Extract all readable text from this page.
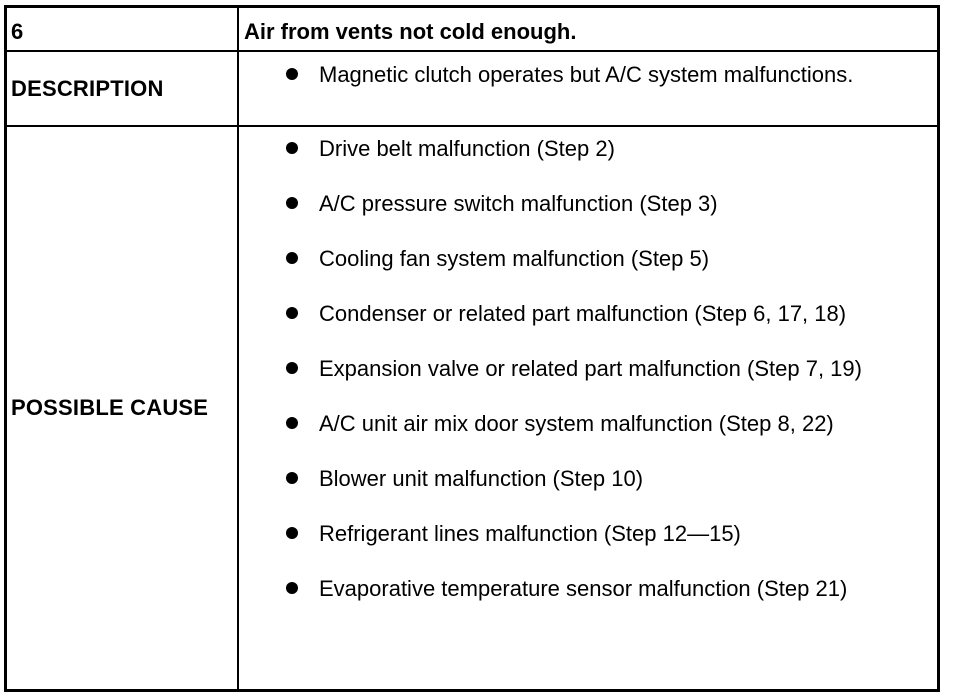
6	Air from vents not cold enough.
DESCRIPTION
Magnetic clutch operates but A/C system malfunctions.
POSSIBLE CAUSE
Drive belt malfunction (Step 2)
A/C pressure switch malfunction (Step 3)
Cooling fan system malfunction (Step 5)
Condenser or related part malfunction (Step 6, 17, 18)
Expansion valve or related part malfunction (Step 7, 19)
A/C unit air mix door system malfunction (Step 8, 22)
Blower unit malfunction (Step 10)
Refrigerant lines malfunction (Step 12—15)
Evaporative temperature sensor malfunction (Step 21)
